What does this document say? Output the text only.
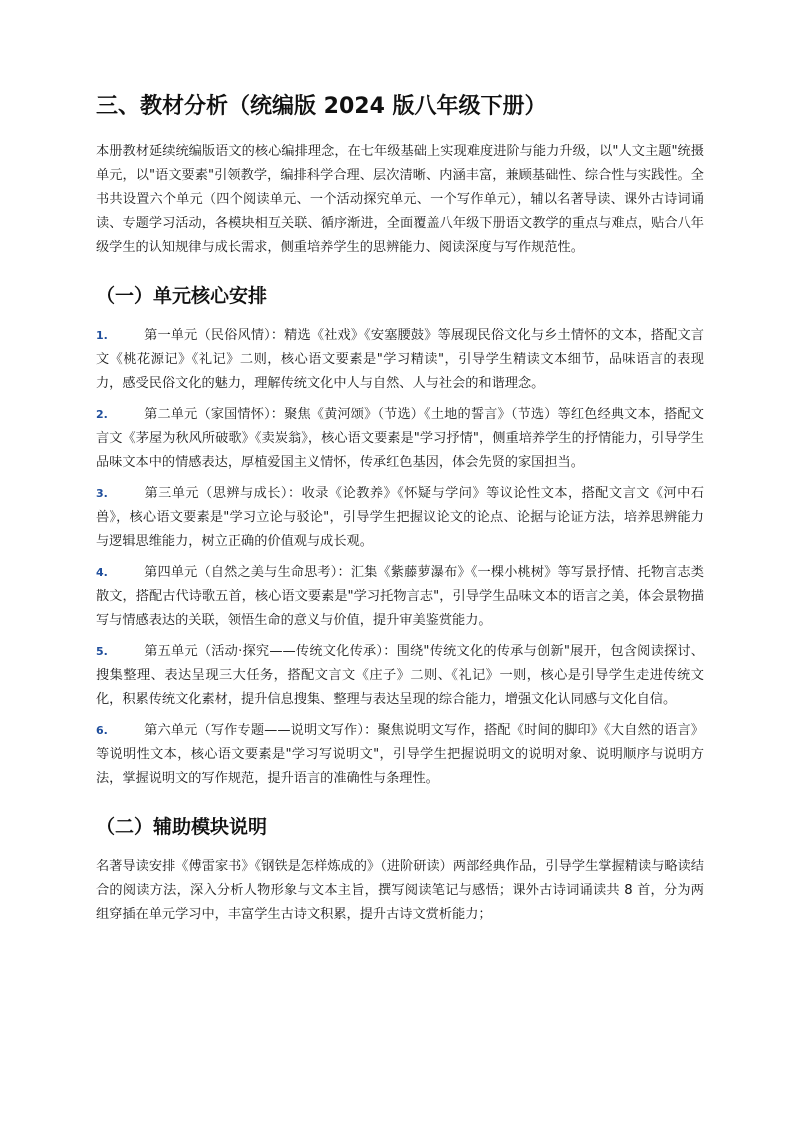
三、教材分析（统编版 2024 版八年级下册）

本册教材延续统编版语文的核心编排理念，在七年级基础上实现难度进阶与能力升级，以"人文主题"统摄单元，以"语文要素"引领教学，编排科学合理、层次清晰、内涵丰富，兼顾基础性、综合性与实践性。全书共设置六个单元（四个阅读单元、一个活动探究单元、一个写作单元），辅以名著导读、课外古诗词诵读、专题学习活动，各模块相互关联、循序渐进，全面覆盖八年级下册语文教学的重点与难点，贴合八年级学生的认知规律与成长需求，侧重培养学生的思辨能力、阅读深度与写作规范性。

（一）单元核心安排
1.	第一单元（民俗风情）：精选《社戏》《安塞腰鼓》等展现民俗文化与乡土情怀的文本，搭配文言文《桃花源记》《礼记》二则，核心语文要素是"学习精读"，引导学生精读文本细节，品味语言的表现力，感受民俗文化的魅力，理解传统文化中人与自然、人与社会的和谐理念。
2.	第二单元（家国情怀）：聚焦《黄河颂》（节选）《土地的誓言》（节选）等红色经典文本，搭配文言文《茅屋为秋风所破歌》《卖炭翁》，核心语文要素是"学习抒情"，侧重培养学生的抒情能力，引导学生品味文本中的情感表达，厚植爱国主义情怀，传承红色基因，体会先贤的家国担当。
3.	第三单元（思辨与成长）：收录《论教养》《怀疑与学问》等议论性文本，搭配文言文《河中石兽》，核心语文要素是"学习立论与驳论"，引导学生把握议论文的论点、论据与论证方法，培养思辨能力与逻辑思维能力，树立正确的价值观与成长观。
4.	第四单元（自然之美与生命思考）：汇集《紫藤萝瀑布》《一棵小桃树》等写景抒情、托物言志类散文，搭配古代诗歌五首，核心语文要素是"学习托物言志"，引导学生品味文本的语言之美，体会景物描写与情感表达的关联，领悟生命的意义与价值，提升审美鉴赏能力。
5.	第五单元（活动·探究——传统文化传承）：围绕"传统文化的传承与创新"展开，包含阅读探讨、搜集整理、表达呈现三大任务，搭配文言文《庄子》二则、《礼记》一则，核心是引导学生走进传统文化，积累传统文化素材，提升信息搜集、整理与表达呈现的综合能力，增强文化认同感与文化自信。
6.	第六单元（写作专题——说明文写作）：聚焦说明文写作，搭配《时间的脚印》《大自然的语言》等说明性文本，核心语文要素是"学习写说明文"，引导学生把握说明文的说明对象、说明顺序与说明方法，掌握说明文的写作规范，提升语言的准确性与条理性。
（二）辅助模块说明

名著导读安排《傅雷家书》《钢铁是怎样炼成的》（进阶研读）两部经典作品，引导学生掌握精读与略读结合的阅读方法，深入分析人物形象与文本主旨，撰写阅读笔记与感悟；课外古诗词诵读共 8 首，分为两组穿插在单元学习中，丰富学生古诗文积累，提升古诗文赏析能力；
